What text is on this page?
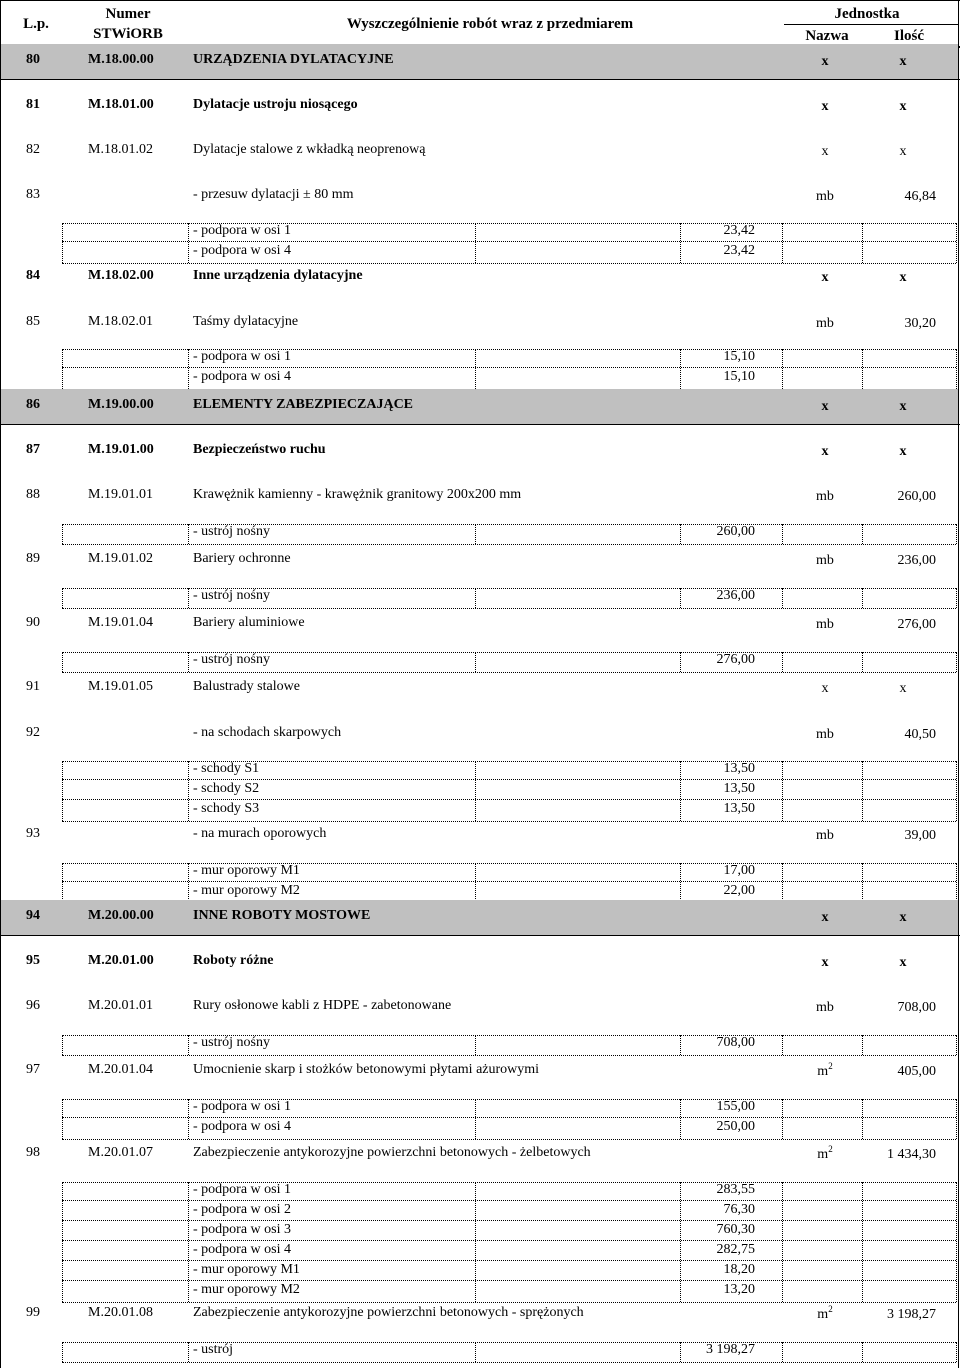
L.p.
Numer
STWiORB
Wyszczególnienie robót wraz z przedmiarem
Jednostka
Nazwa	Ilość
80	M.18.00.00	URZĄDZENIA DYLATACYJNE	x	x
81	M.18.01.00	Dylatacje ustroju niosącego	x	x
82	M.18.01.02	Dylatacje stalowe z wkładką neoprenową	x	x
83	- przesuw dylatacji ± 80 mm	mb	46,84
- podpora w osi 1	23,42
- podpora w osi 4	23,42
84	M.18.02.00	Inne urządzenia dylatacyjne	x	x
85	M.18.02.01	Taśmy dylatacyjne	mb	30,20
- podpora w osi 1	15,10
- podpora w osi 4	15,10
86	M.19.00.00	ELEMENTY ZABEZPIECZAJĄCE	x	x
87	M.19.01.00	Bezpieczeństwo ruchu	x	x
88	M.19.01.01	Krawężnik kamienny - krawężnik granitowy 200x200 mm	mb	260,00
- ustrój nośny	260,00
89	M.19.01.02	Bariery ochronne	mb	236,00
- ustrój nośny	236,00
90	M.19.01.04	Bariery aluminiowe	mb	276,00
- ustrój nośny	276,00
91	M.19.01.05	Balustrady stalowe	x	x
92	- na schodach skarpowych	mb	40,50
- schody S1	13,50
- schody S2	13,50
- schody S3	13,50
93	- na murach oporowych	mb	39,00
- mur oporowy M1	17,00
- mur oporowy M2	22,00
94	M.20.00.00	INNE ROBOTY MOSTOWE	x	x
95	M.20.01.00	Roboty różne	x	x
96	M.20.01.01	Rury osłonowe kabli z HDPE - zabetonowane	mb	708,00
- ustrój nośny	708,00
97	M.20.01.04	Umocnienie skarp i stożków betonowymi płytami ażurowymi	$m^2$	405,00
- podpora w osi 1	155,00
- podpora w osi 4	250,00
98	M.20.01.07	Zabezpieczenie antykorozyjne powierzchni betonowych - żelbetowych	$m^2$	1 434,30
- podpora w osi 1	283,55
- podpora w osi 2	76,30
- podpora w osi 3	760,30
- podpora w osi 4	282,75
- mur oporowy M1	18,20
- mur oporowy M2	13,20
99	M.20.01.08	Zabezpieczenie antykorozyjne powierzchni betonowych - sprężonych	$m^2$	3 198,27
- ustrój	3 198,27
